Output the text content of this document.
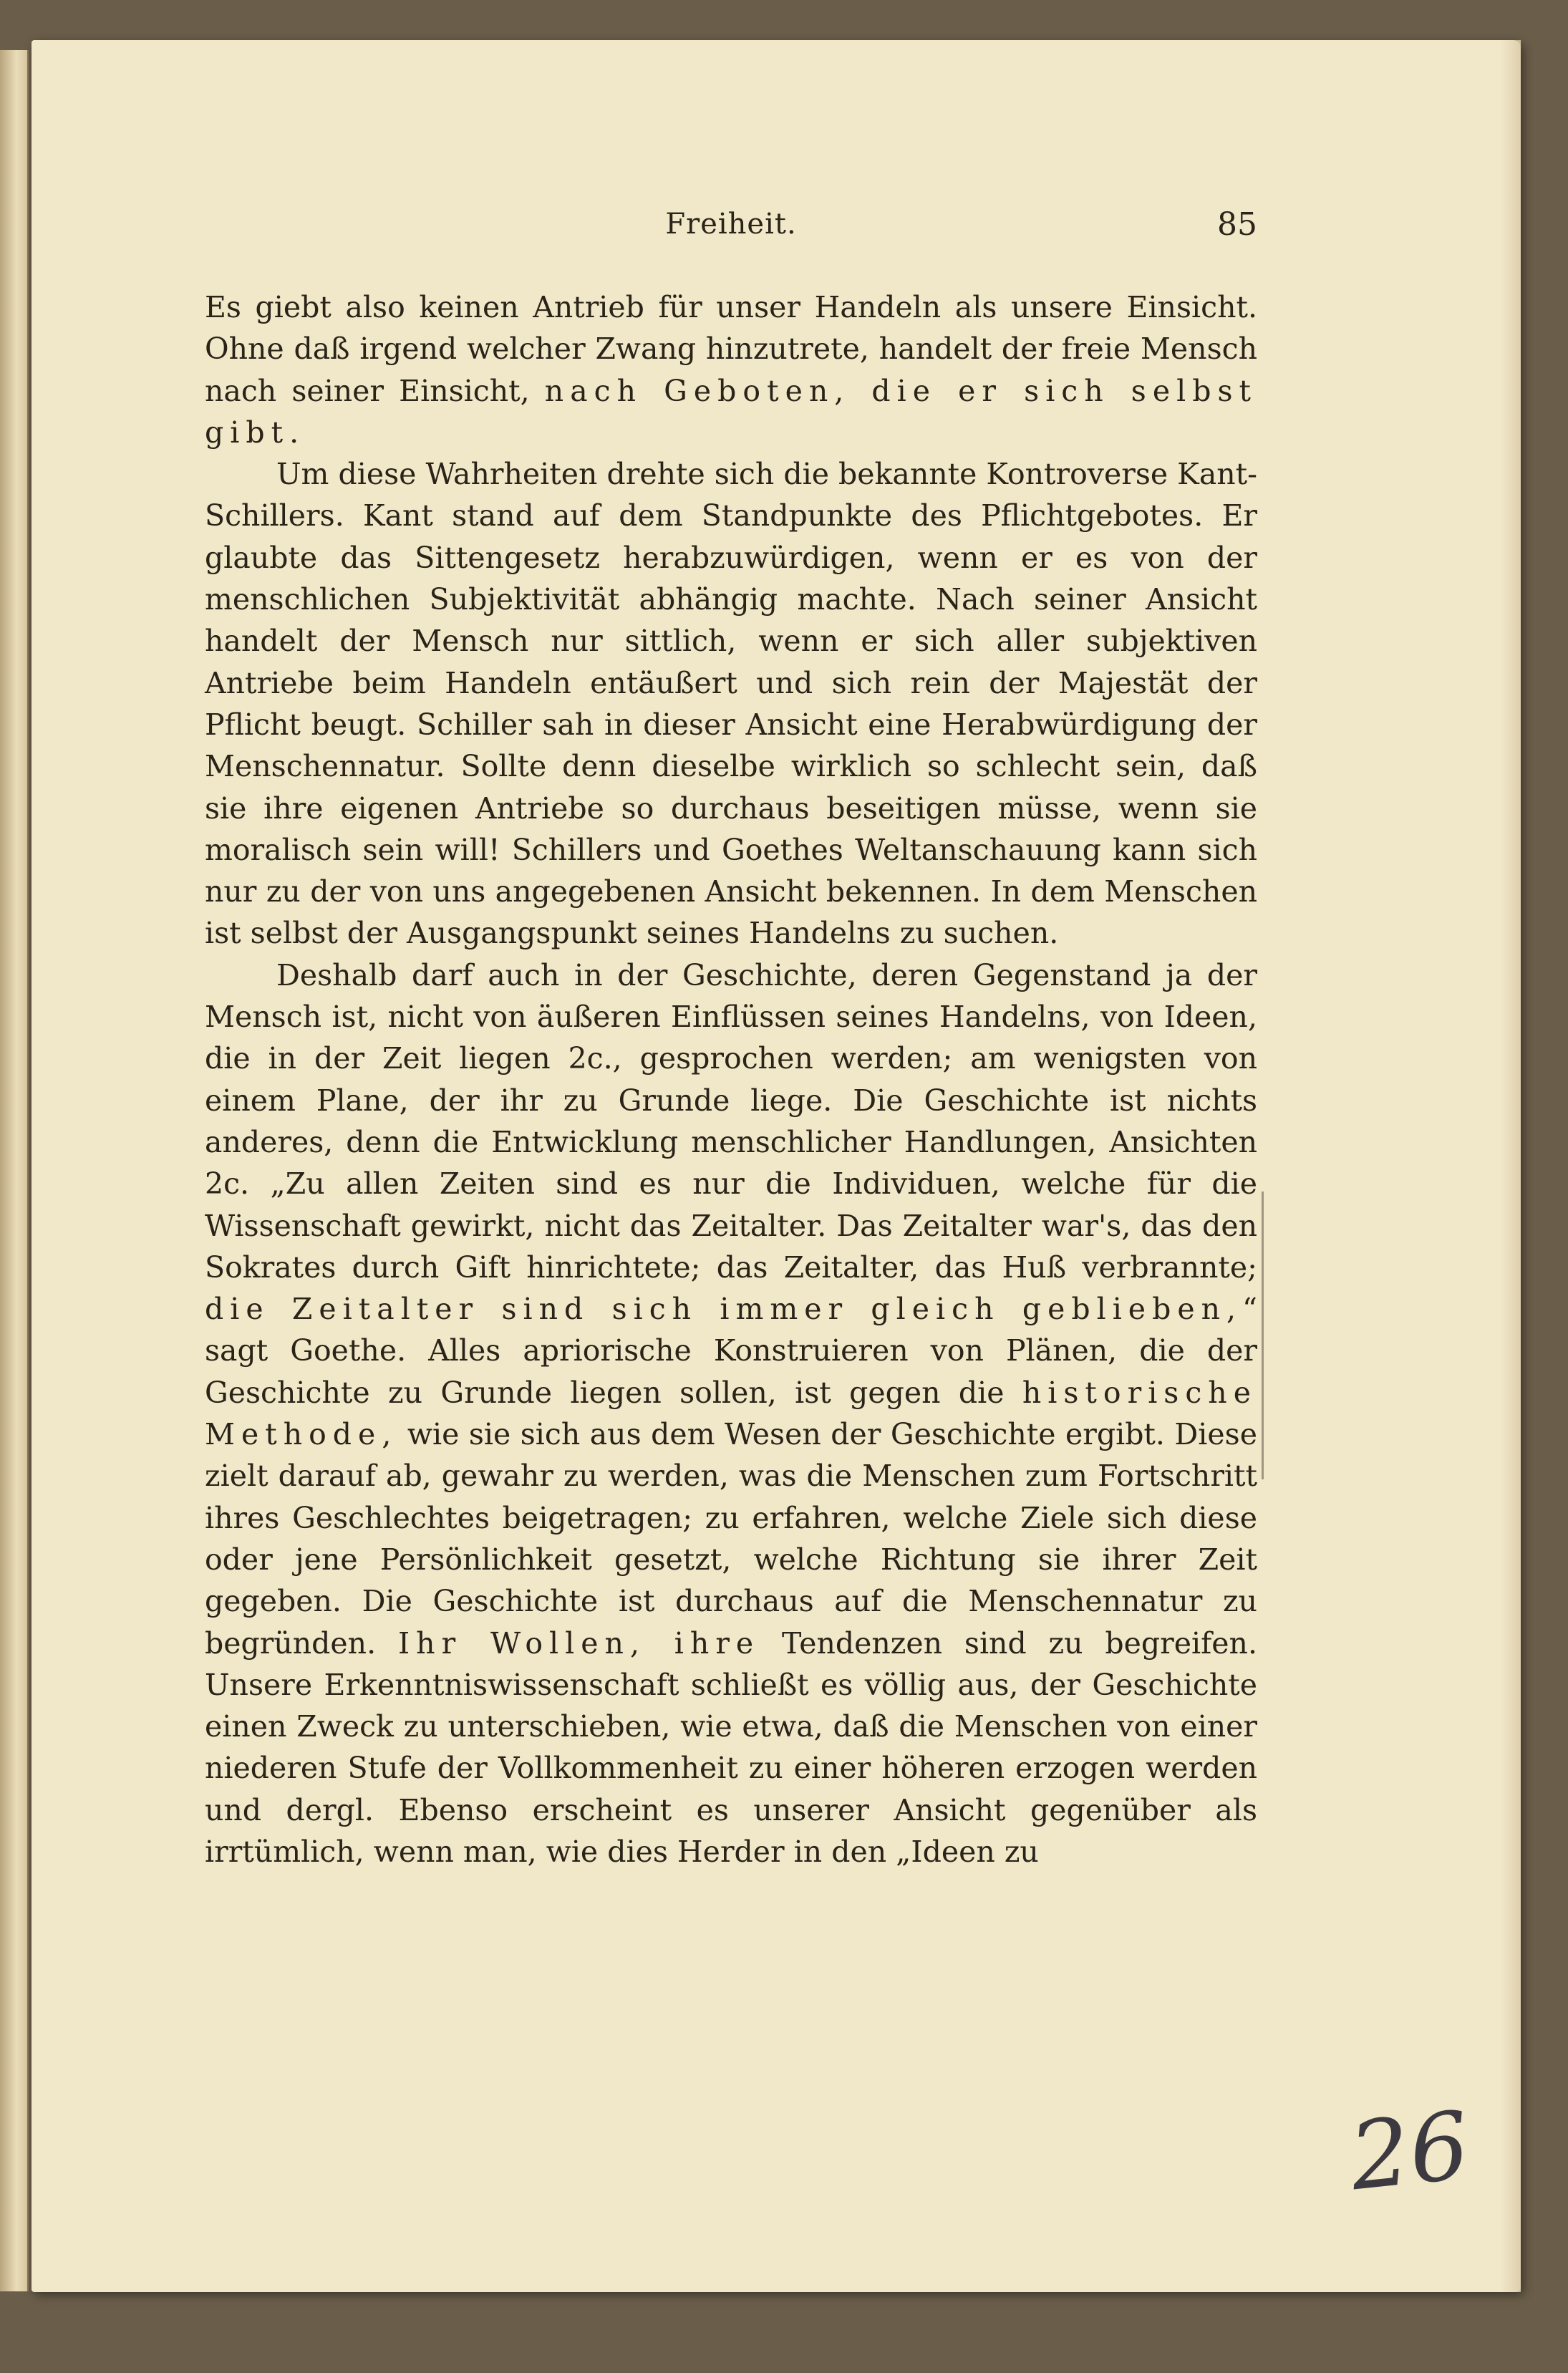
Freiheit.	85

Es giebt also keinen Antrieb für unser Handeln als unsere Einsicht. Ohne daß irgend welcher Zwang hinzutrete, handelt der freie Mensch nach seiner Einsicht, nach Geboten, die er sich selbst gibt.

Um diese Wahrheiten drehte sich die bekannte Kontroverse Kant-Schillers. Kant stand auf dem Standpunkte des Pflichtgebotes. Er glaubte das Sittengesetz herabzuwürdigen, wenn er es von der menschlichen Subjektivität abhängig machte. Nach seiner Ansicht handelt der Mensch nur sittlich, wenn er sich aller subjektiven Antriebe beim Handeln entäußert und sich rein der Majestät der Pflicht beugt. Schiller sah in dieser Ansicht eine Herabwürdigung der Menschennatur. Sollte denn dieselbe wirklich so schlecht sein, daß sie ihre eigenen Antriebe so durchaus beseitigen müsse, wenn sie moralisch sein will! Schillers und Goethes Weltanschauung kann sich nur zu der von uns angegebenen Ansicht bekennen. In dem Menschen ist selbst der Ausgangspunkt seines Handelns zu suchen.

Deshalb darf auch in der Geschichte, deren Gegenstand ja der Mensch ist, nicht von äußeren Einflüssen seines Handelns, von Ideen, die in der Zeit liegen 2c., gesprochen werden; am wenigsten von einem Plane, der ihr zu Grunde liege. Die Geschichte ist nichts anderes, denn die Entwicklung menschlicher Handlungen, Ansichten 2c. „Zu allen Zeiten sind es nur die Individuen, welche für die Wissenschaft gewirkt, nicht das Zeitalter. Das Zeitalter war's, das den Sokrates durch Gift hinrichtete; das Zeitalter, das Huß verbrannte; die Zeitalter sind sich immer gleich geblieben,“ sagt Goethe. Alles apriorische Konstruieren von Plänen, die der Geschichte zu Grunde liegen sollen, ist gegen die historische Methode, wie sie sich aus dem Wesen der Geschichte ergibt. Diese zielt darauf ab, gewahr zu werden, was die Menschen zum Fortschritt ihres Geschlechtes beigetragen; zu erfahren, welche Ziele sich diese oder jene Persönlichkeit gesetzt, welche Richtung sie ihrer Zeit gegeben. Die Geschichte ist durchaus auf die Menschennatur zu begründen. Ihr Wollen, ihre Tendenzen sind zu begreifen. Unsere Erkenntniswissenschaft schließt es völlig aus, der Geschichte einen Zweck zu unterschieben, wie etwa, daß die Menschen von einer niederen Stufe der Vollkommenheit zu einer höheren erzogen werden und dergl. Ebenso erscheint es unserer Ansicht gegenüber als irrtümlich, wenn man, wie dies Herder in den „Ideen zu

26
